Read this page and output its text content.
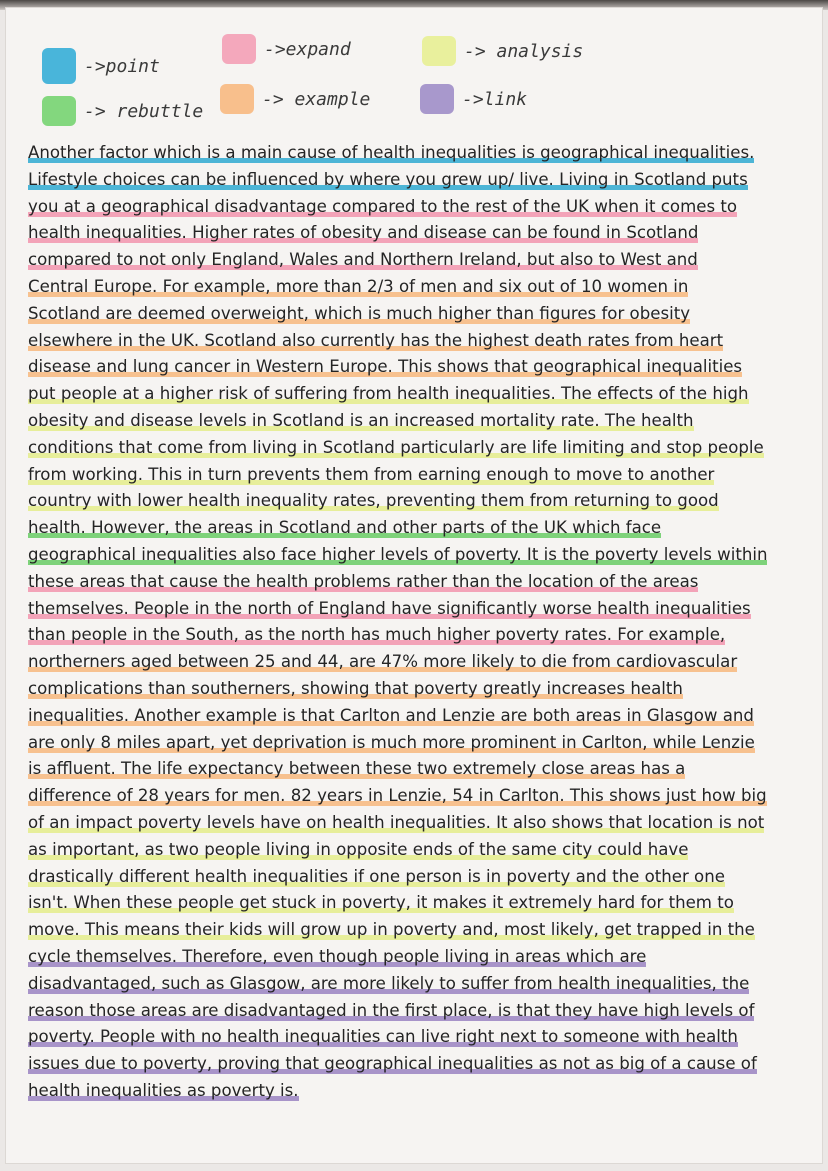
->point
->expand	-> analysis
-> rebuttle
-> example	->link
Another factor which is a main cause of health inequalities is geographical inequalities.
Lifestyle choices can be influenced by where you grew up/ live. Living in Scotland puts
you at a geographical disadvantage compared to the rest of the UK when it comes to
health inequalities. Higher rates of obesity and disease can be found in Scotland
compared to not only England, Wales and Northern Ireland, but also to West and
Central Europe. For example, more than 2/3 of men and six out of 10 women in
Scotland are deemed overweight, which is much higher than figures for obesity
elsewhere in the UK. Scotland also currently has the highest death rates from heart
disease and lung cancer in Western Europe. This shows that geographical inequalities
put people at a higher risk of suffering from health inequalities. The effects of the high
obesity and disease levels in Scotland is an increased mortality rate. The health
conditions that come from living in Scotland particularly are life limiting and stop people
from working. This in turn prevents them from earning enough to move to another
country with lower health inequality rates, preventing them from returning to good
health. However, the areas in Scotland and other parts of the UK which face
geographical inequalities also face higher levels of poverty. It is the poverty levels within
these areas that cause the health problems rather than the location of the areas
themselves. People in the north of England have significantly worse health inequalities
than people in the South, as the north has much higher poverty rates. For example,
northerners aged between 25 and 44, are 47% more likely to die from cardiovascular
complications than southerners, showing that poverty greatly increases health
inequalities. Another example is that Carlton and Lenzie are both areas in Glasgow and
are only 8 miles apart, yet deprivation is much more prominent in Carlton, while Lenzie
is affluent. The life expectancy between these two extremely close areas has a
difference of 28 years for men. 82 years in Lenzie, 54 in Carlton. This shows just how big
of an impact poverty levels have on health inequalities. It also shows that location is not
as important, as two people living in opposite ends of the same city could have
drastically different health inequalities if one person is in poverty and the other one
isn't. When these people get stuck in poverty, it makes it extremely hard for them to
move. This means their kids will grow up in poverty and, most likely, get trapped in the
cycle themselves. Therefore, even though people living in areas which are
disadvantaged, such as Glasgow, are more likely to suffer from health inequalities, the
reason those areas are disadvantaged in the first place, is that they have high levels of
poverty. People with no health inequalities can live right next to someone with health
issues due to poverty, proving that geographical inequalities as not as big of a cause of
health inequalities as poverty is.
